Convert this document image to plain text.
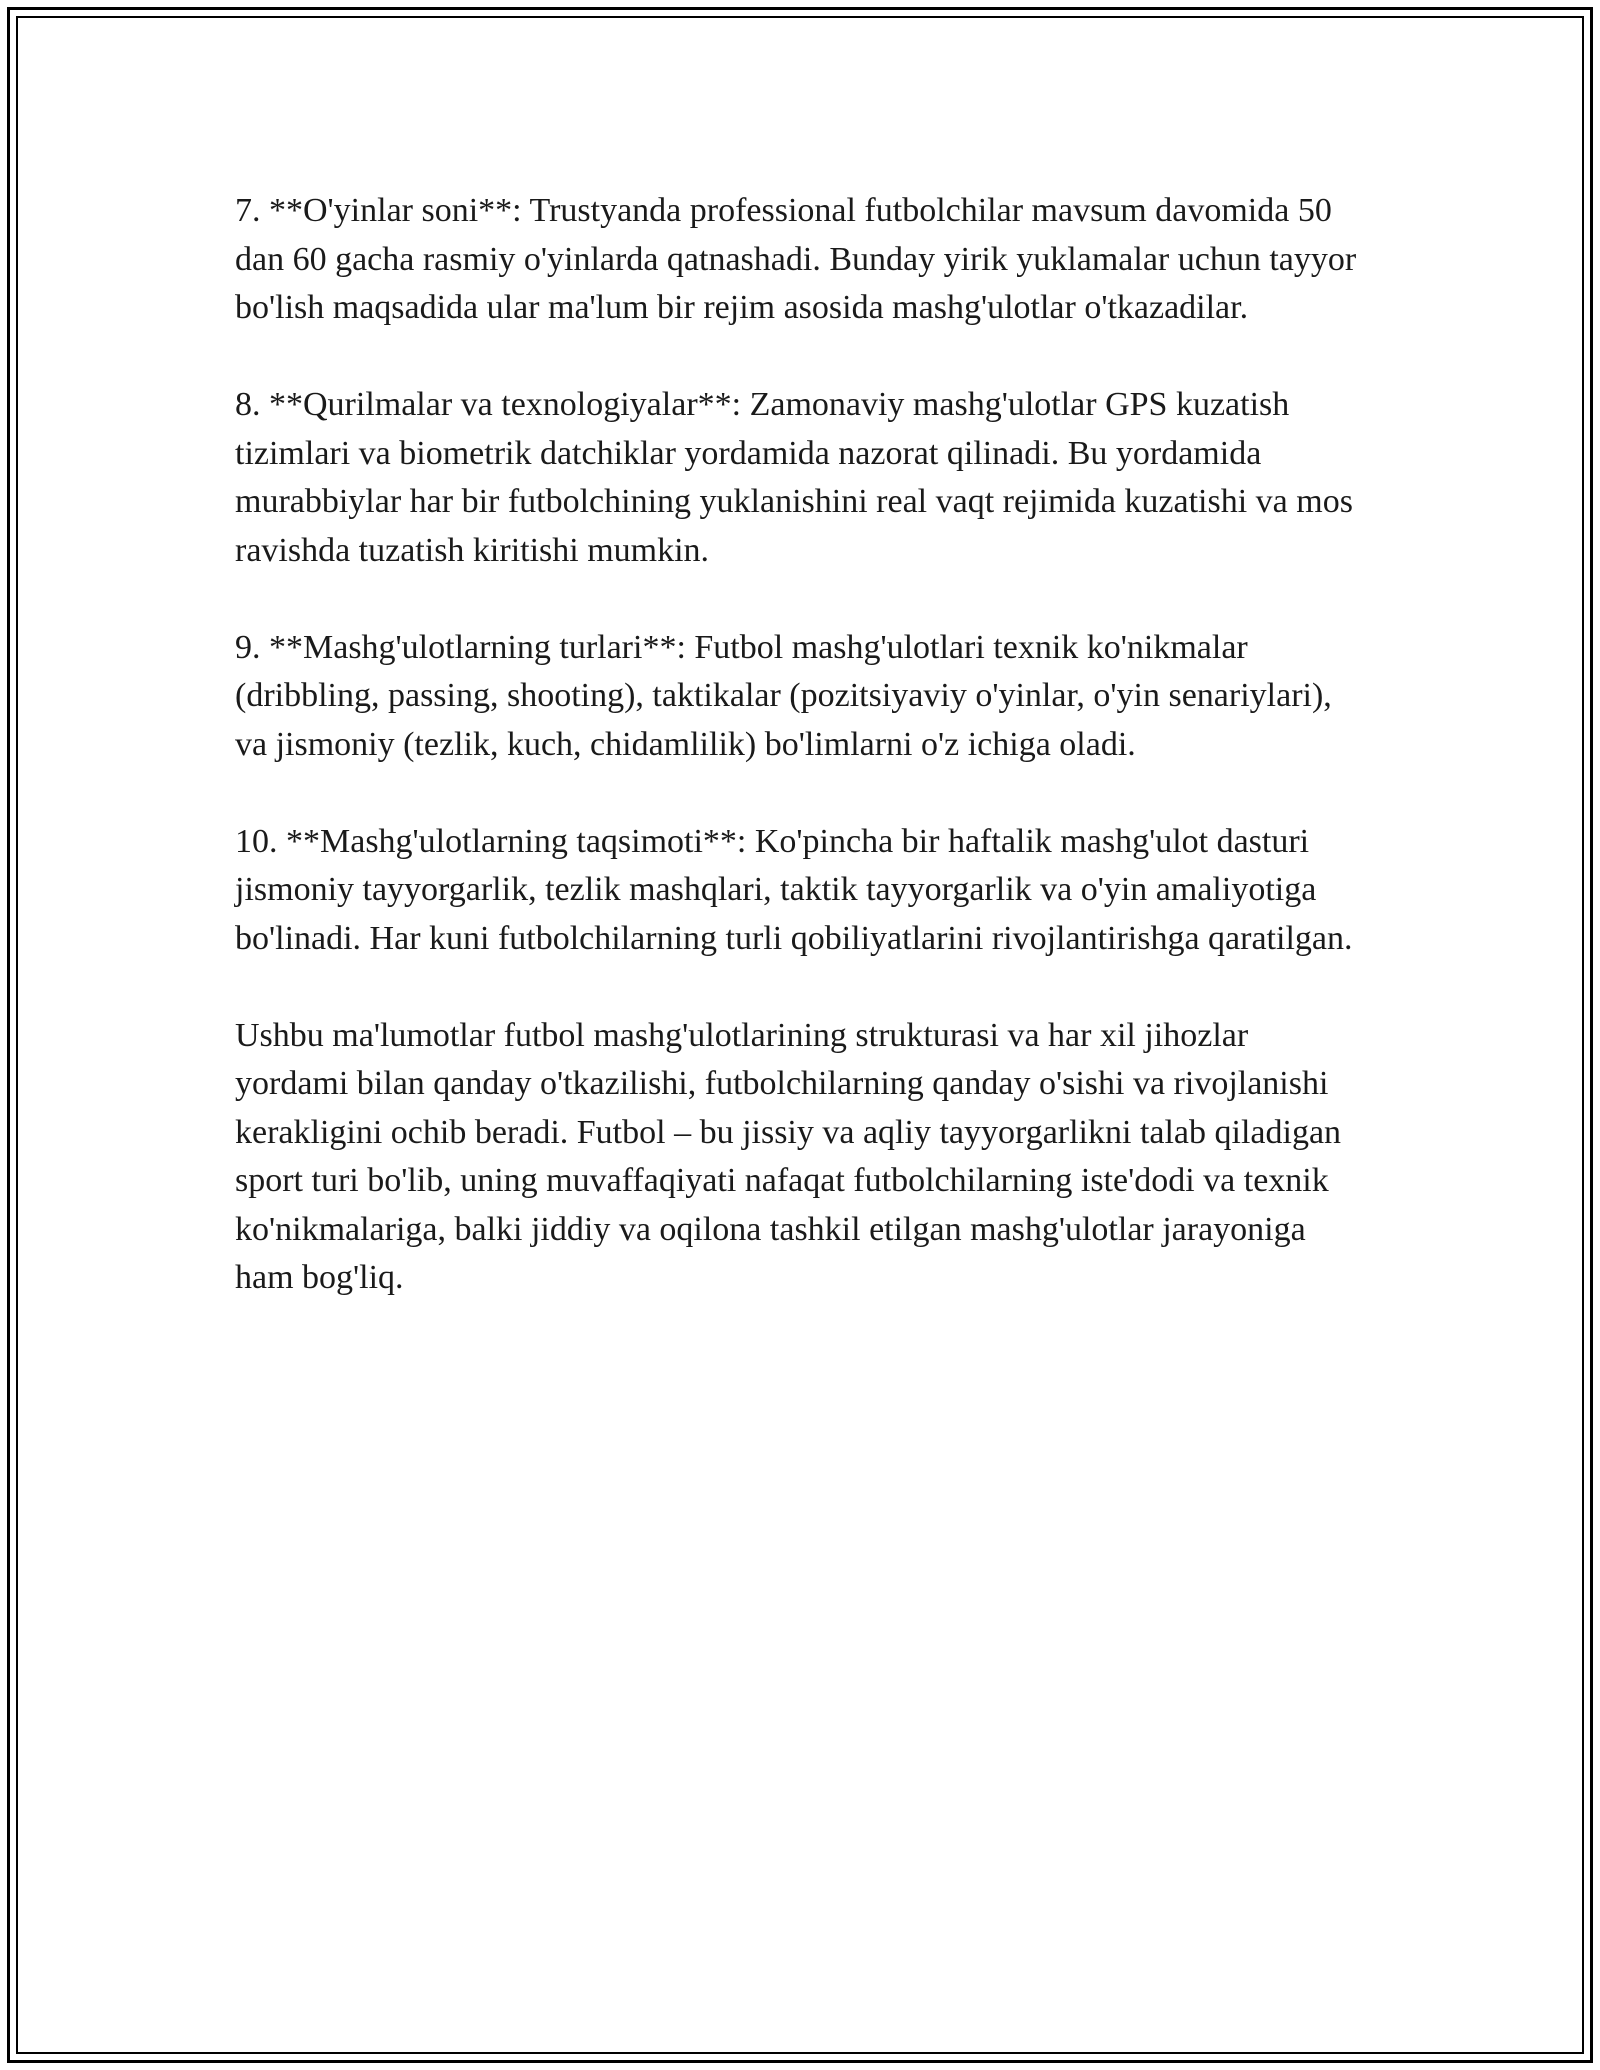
7. **O'yinlar soni**: Trustyanda professional futbolchilar mavsum davomida 50 dan 60 gacha rasmiy o'yinlarda qatnashadi. Bunday yirik yuklamalar uchun tayyor bo'lish maqsadida ular ma'lum bir rejim asosida mashg'ulotlar o'tkazadilar.

8. **Qurilmalar va texnologiyalar**: Zamonaviy mashg'ulotlar GPS kuzatish tizimlari va biometrik datchiklar yordamida nazorat qilinadi. Bu yordamida murabbiylar har bir futbolchining yuklanishini real vaqt rejimida kuzatishi va mos ravishda tuzatish kiritishi mumkin.

9. **Mashg'ulotlarning turlari**: Futbol mashg'ulotlari texnik ko'nikmalar (dribbling, passing, shooting), taktikalar (pozitsiyaviy o'yinlar, o'yin senariylari), va jismoniy (tezlik, kuch, chidamlilik) bo'limlarni o'z ichiga oladi.

10. **Mashg'ulotlarning taqsimoti**: Ko'pincha bir haftalik mashg'ulot dasturi jismoniy tayyorgarlik, tezlik mashqlari, taktik tayyorgarlik va o'yin amaliyotiga bo'linadi. Har kuni futbolchilarning turli qobiliyatlarini rivojlantirishga qaratilgan.

Ushbu ma'lumotlar futbol mashg'ulotlarining strukturasi va har xil jihozlar yordami bilan qanday o'tkazilishi, futbolchilarning qanday o'sishi va rivojlanishi kerakligini ochib beradi. Futbol – bu jissiy va aqliy tayyorgarlikni talab qiladigan sport turi bo'lib, uning muvaffaqiyati nafaqat futbolchilarning iste'dodi va texnik ko'nikmalariga, balki jiddiy va oqilona tashkil etilgan mashg'ulotlar jarayoniga ham bog'liq.
